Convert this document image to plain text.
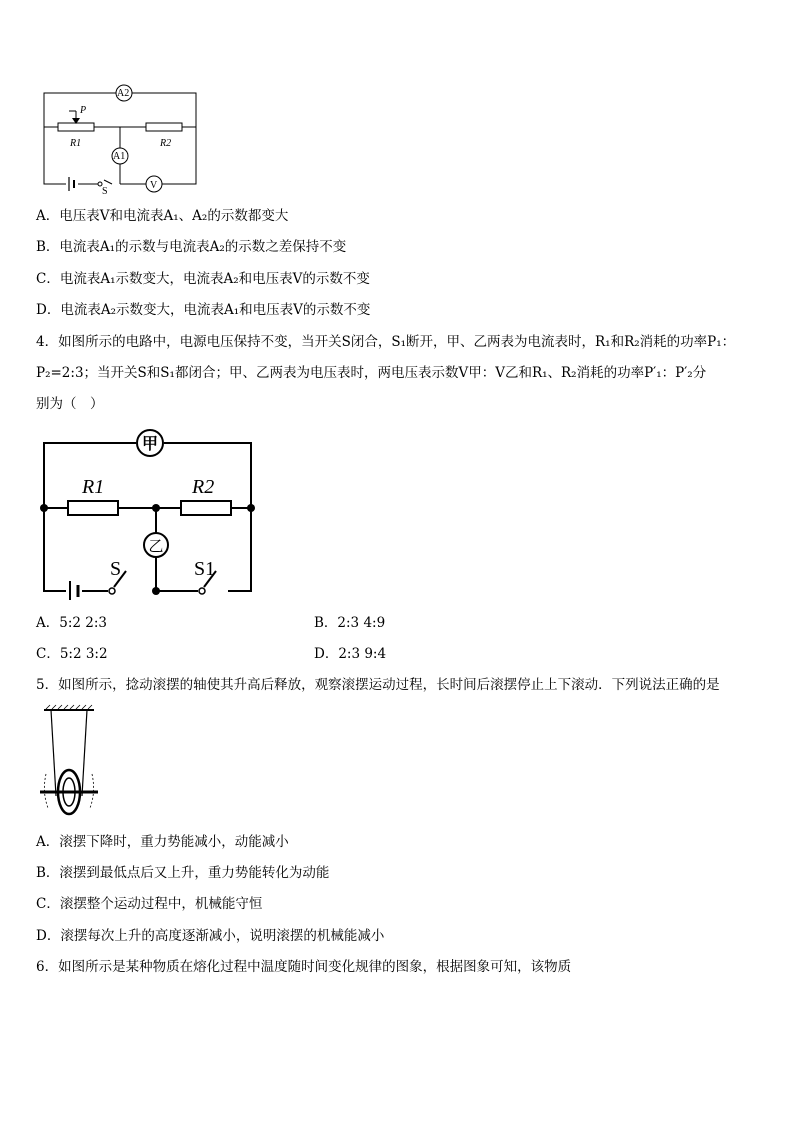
A2
A1
V
P
R1	R2
S
A．电压表V和电流表A₁、A₂的示数都变大
B．电流表A₁的示数与电流表A₂的示数之差保持不变
C．电流表A₁示数变大，电流表A₂和电压表V的示数不变
D．电流表A₂示数变大，电流表A₁和电压表V的示数不变
4．如图所示的电路中，电源电压保持不变，当开关S闭合，S₁断开，甲、乙两表为电流表时，R₁和R₂消耗的功率P₁：
P₂=2:3；当开关S和S₁都闭合；甲、乙两表为电压表时，两电压表示数V甲：V乙和R₁、R₂消耗的功率P′₁：P′₂分
别为（　）
甲
乙
R1	R2
S	S1
A．5:2 2:3	B．2:3 4:9
C．5:2 3:2	D．2:3 9:4
5．如图所示，捻动滚摆的轴使其升高后释放，观察滚摆运动过程，长时间后滚摆停止上下滚动．下列说法正确的是
A．滚摆下降时，重力势能减小，动能减小
B．滚摆到最低点后又上升，重力势能转化为动能
C．滚摆整个运动过程中，机械能守恒
D．滚摆每次上升的高度逐渐减小，说明滚摆的机械能减小
6．如图所示是某种物质在熔化过程中温度随时间变化规律的图象，根据图象可知，该物质
